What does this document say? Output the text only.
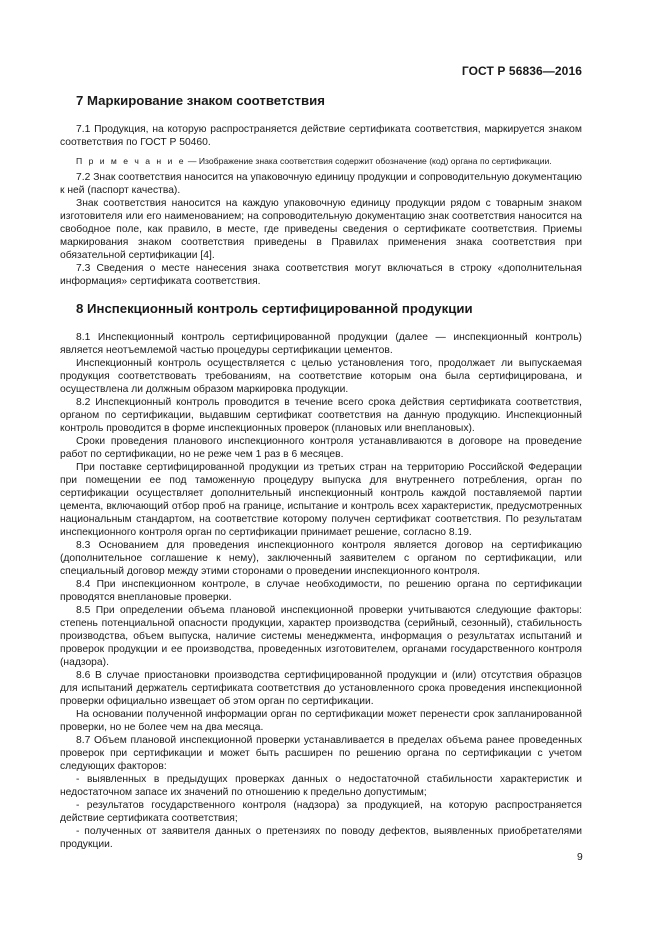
ГОСТ Р 56836—2016
7 Маркирование знаком соответствия

7.1 Продукция, на которую распространяется действие сертификата соответствия, маркируется знаком соответствия по ГОСТ Р 50460.

П р и м е ч а н и е — Изображение знака соответствия содержит обозначение (код) органа по сертификации.

7.2 Знак соответствия наносится на упаковочную единицу продукции и сопроводительную документацию к ней (паспорт качества).

Знак соответствия наносится на каждую упаковочную единицу продукции рядом с товарным знаком изготовителя или его наименованием; на сопроводительную документацию знак соответствия наносится на свободное поле, как правило, в месте, где приведены сведения о сертификате соответствия. Приемы маркирования знаком соответствия приведены в Правилах применения знака соответствия при обязательной сертификации [4].

7.3 Сведения о месте нанесения знака соответствия могут включаться в строку «дополнительная информация» сертификата соответствия.

8 Инспекционный контроль сертифицированной продукции

8.1 Инспекционный контроль сертифицированной продукции (далее — инспекционный контроль) является неотъемлемой частью процедуры сертификации цементов.

Инспекционный контроль осуществляется с целью установления того, продолжает ли выпускаемая продукция соответствовать требованиям, на соответствие которым она была сертифицирована, и осуществлена ли должным образом маркировка продукции.

8.2 Инспекционный контроль проводится в течение всего срока действия сертификата соответствия, органом по сертификации, выдавшим сертификат соответствия на данную продукцию. Инспекционный контроль проводится в форме инспекционных проверок (плановых или внеплановых).

Сроки проведения планового инспекционного контроля устанавливаются в договоре на проведение работ по сертификации, но не реже чем 1 раз в 6 месяцев.

При поставке сертифицированной продукции из третьих стран на территорию Российской Федерации при помещении ее под таможенную процедуру выпуска для внутреннего потребления, орган по сертификации осуществляет дополнительный инспекционный контроль каждой поставляемой партии цемента, включающий отбор проб на границе, испытание и контроль всех характеристик, предусмотренных национальным стандартом, на соответствие которому получен сертификат соответствия. По результатам инспекционного контроля орган по сертификации принимает решение, согласно 8.19.

8.3 Основанием для проведения инспекционного контроля является договор на сертификацию (дополнительное соглашение к нему), заключенный заявителем с органом по сертификации, или специальный договор между этими сторонами о проведении инспекционного контроля.

8.4 При инспекционном контроле, в случае необходимости, по решению органа по сертификации проводятся внеплановые проверки.

8.5 При определении объема плановой инспекционной проверки учитываются следующие факторы: степень потенциальной опасности продукции, характер производства (серийный, сезонный), стабильность производства, объем выпуска, наличие системы менеджмента, информация о результатах испытаний и проверок продукции и ее производства, проведенных изготовителем, органами государственного контроля (надзора).

8.6 В случае приостановки производства сертифицированной продукции и (или) отсутствия образцов для испытаний держатель сертификата соответствия до установленного срока проведения инспекционной проверки официально извещает об этом орган по сертификации.

На основании полученной информации орган по сертификации может перенести срок запланированной проверки, но не более чем на два месяца.

8.7 Объем плановой инспекционной проверки устанавливается в пределах объема ранее проведенных проверок при сертификации и может быть расширен по решению органа по сертификации с учетом следующих факторов:

- выявленных в предыдущих проверках данных о недостаточной стабильности характеристик и недостаточном запасе их значений по отношению к предельно допустимым;

- результатов государственного контроля (надзора) за продукцией, на которую распространяется действие сертификата соответствия;

- полученных от заявителя данных о претензиях по поводу дефектов, выявленных приобретателями продукции.

9
